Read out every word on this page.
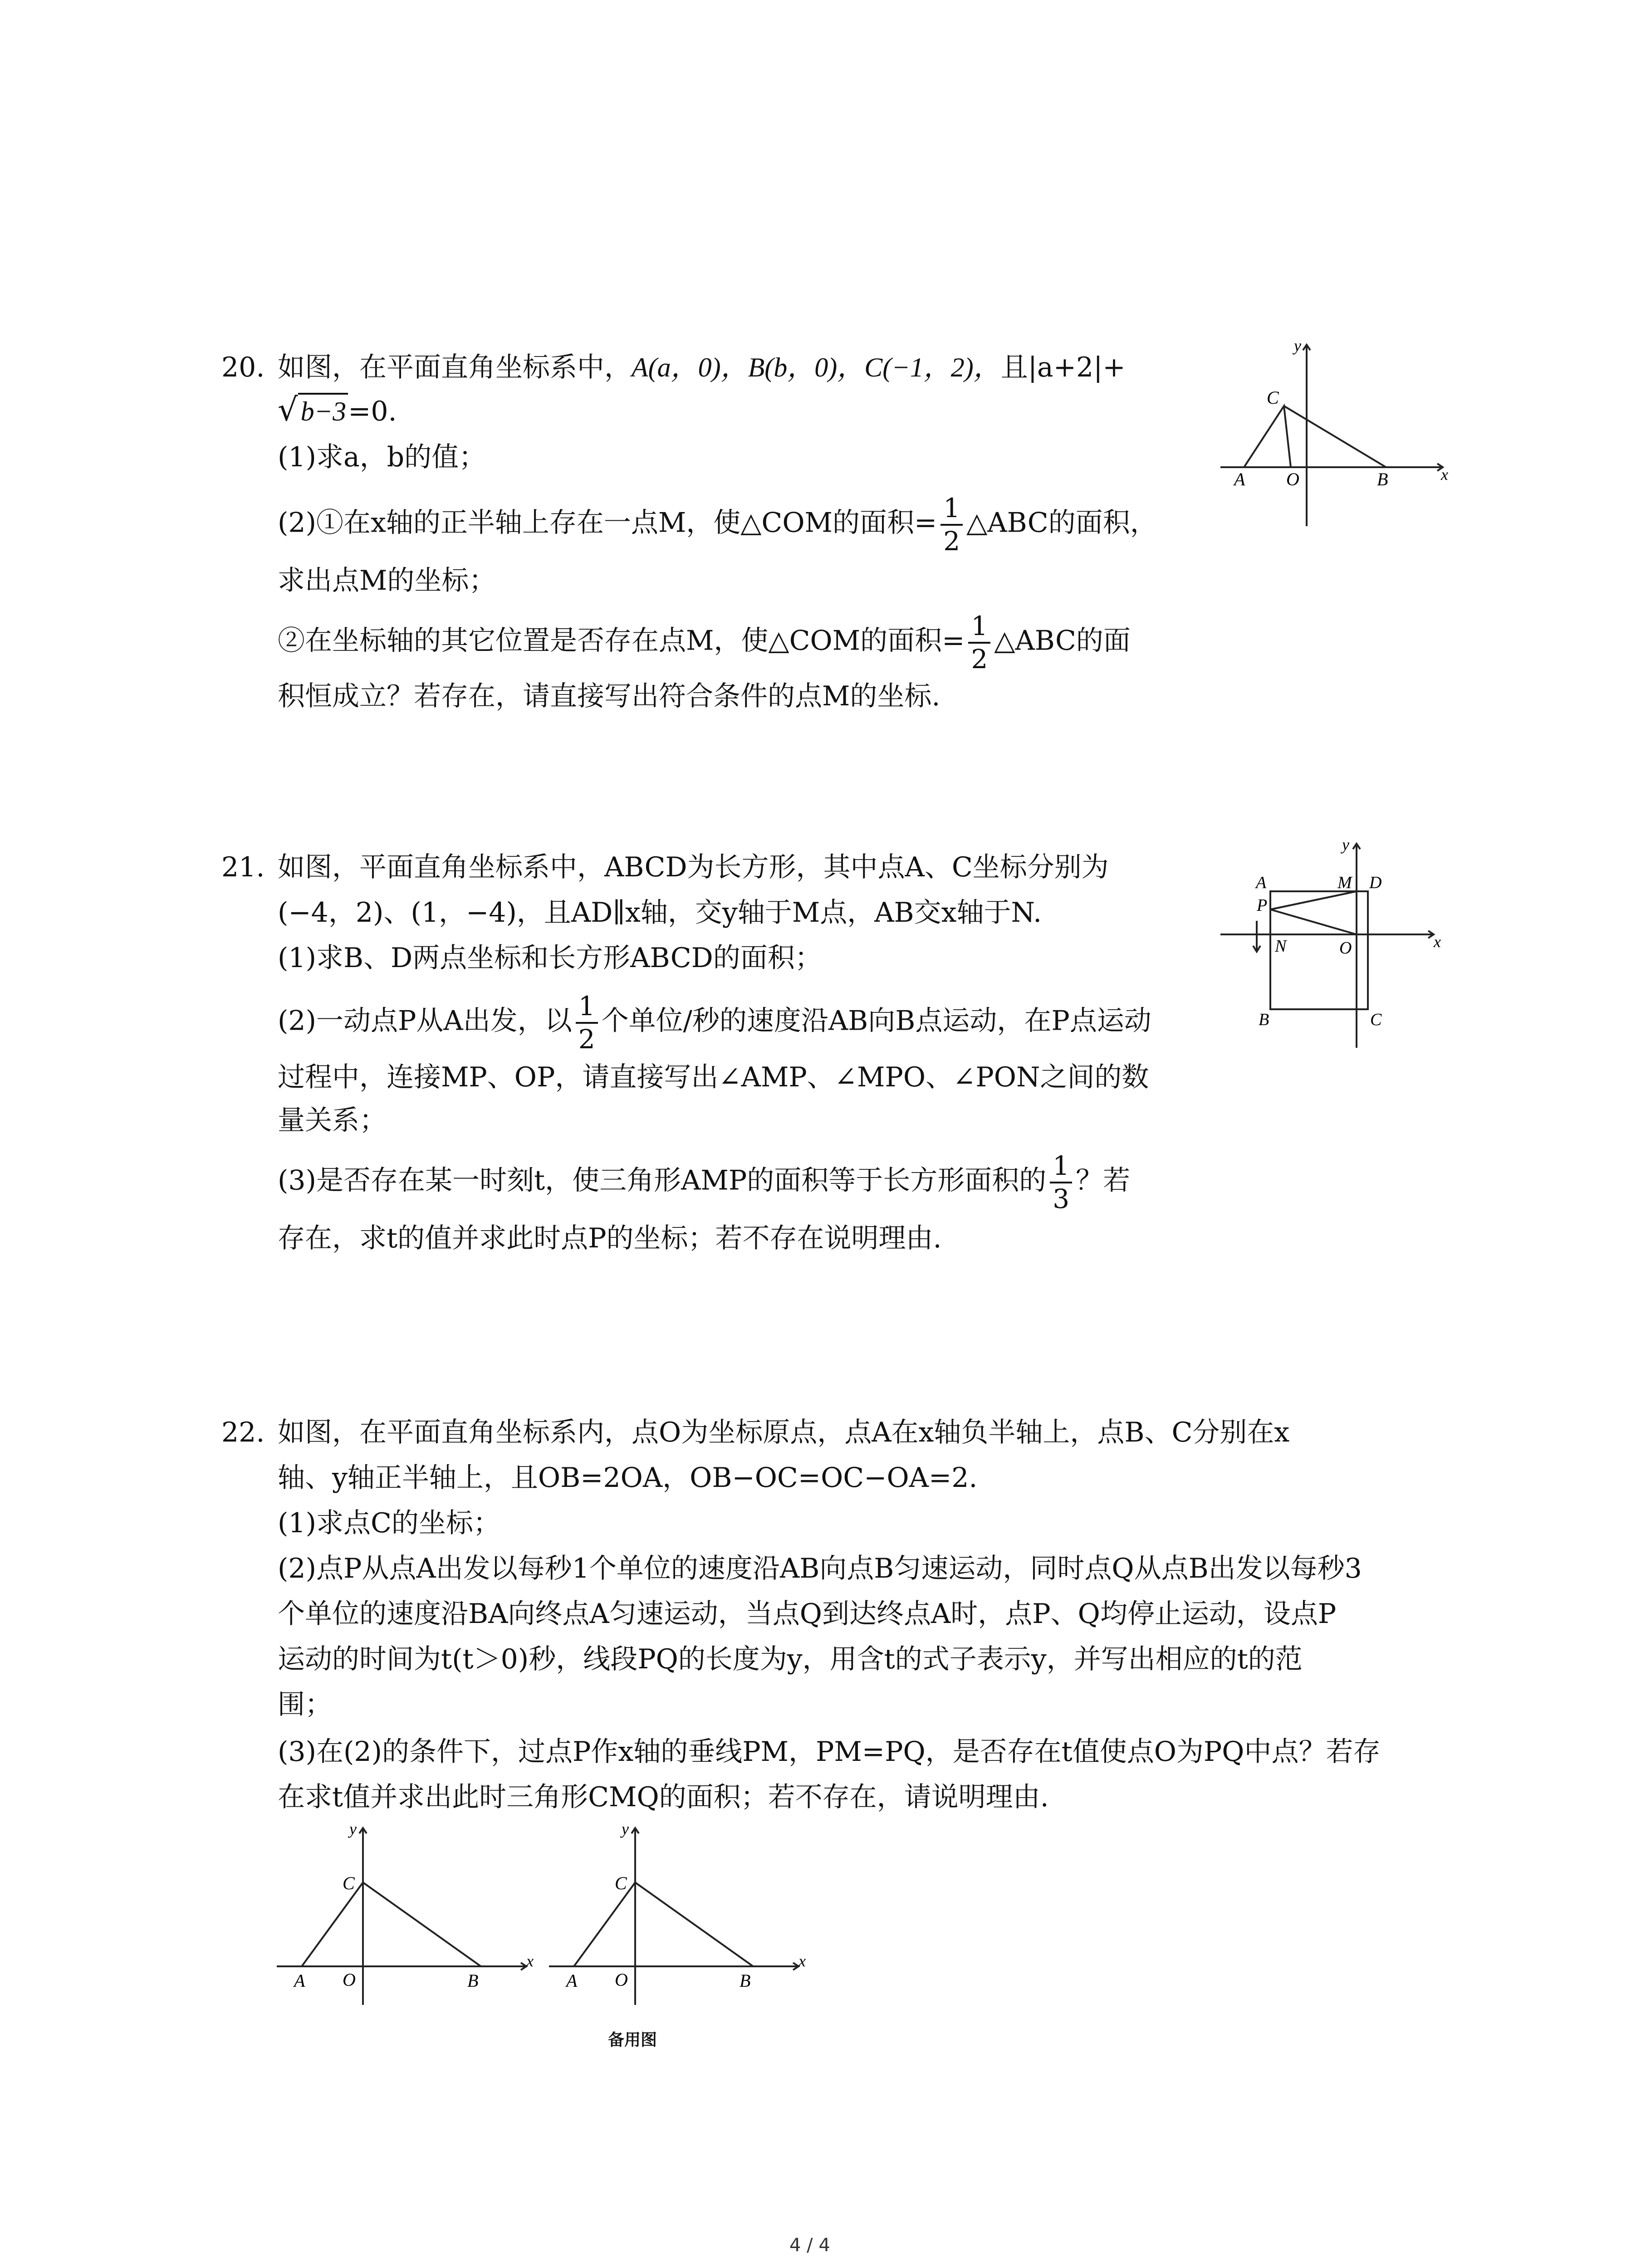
20. 如图，在平面直角坐标系中，A(a，0)，B(b，0)，C(−1，2)，且|a+2|+
√ b−3=0.
(1)求a，b的值；
(2)①在x轴的正半轴上存在一点M，使△COM的面积= $\frac{1}{2}$ △ABC的面积，
求出点M的坐标；
②在坐标轴的其它位置是否存在点M，使△COM的面积= $\frac{1}{2}$ △ABC的面
积恒成立？若存在，请直接写出符合条件的点M的坐标.
y
x
C
A O	B
21. 如图，平面直角坐标系中，ABCD为长方形，其中点A、C坐标分别为
(−4，2)、(1，−4)，且AD∥x轴，交y轴于M点，AB交x轴于N.
(1)求B、D两点坐标和长方形ABCD的面积；
(2)一动点P从A出发，以 $\frac{1}{2}$ 个单位/秒的速度沿AB向B点运动，在P点运动
过程中，连接MP、OP，请直接写出∠AMP、∠MPO、∠PON之间的数
量关系；
(3)是否存在某一时刻t，使三角形AMP的面积等于长方形面积的 $\frac{1}{3}$ ？若
存在，求t的值并求此时点P的坐标；若不存在说明理由.
y
x
A	M D
P
N	O
B	C
22. 如图，在平面直角坐标系内，点O为坐标原点，点A在x轴负半轴上，点B、C分别在x
轴、y轴正半轴上，且OB=2OA，OB−OC=OC−OA=2.
(1)求点C的坐标；
(2)点P从点A出发以每秒1个单位的速度沿AB向点B匀速运动，同时点Q从点B出发以每秒3
个单位的速度沿BA向终点A匀速运动，当点Q到达终点A时，点P、Q均停止运动，设点P
运动的时间为t(t＞0)秒，线段PQ的长度为y，用含t的式子表示y，并写出相应的t的范
围；
(3)在(2)的条件下，过点P作x轴的垂线PM，PM=PQ，是否存在t值使点O为PQ中点？若存
在求t值并求出此时三角形CMQ的面积；若不存在，请说明理由.
y
x
C
A O	B
y
x
C
A O	B
备用图
4 / 4
